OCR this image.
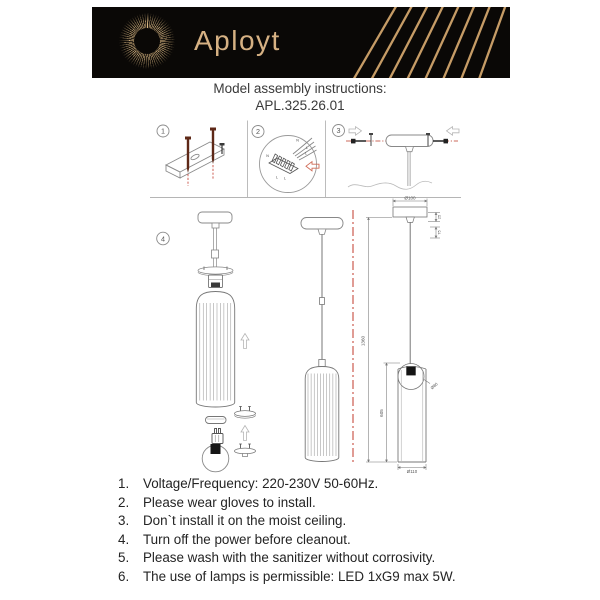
Aployt
Model assembly instructions:
APL.325.26.01
1	2	3
4
N
L
L
N
L L
Ø100
25
75
1360
605
Ø80
Ø110
1.	Voltage/Frequency: 220-230V 50-60Hz.
2.	Please wear gloves to install.
3.	Don`t install it on the moist ceiling.
4.	Turn off the power before cleanout.
5.	Please wash with the sanitizer without corrosivity.
6.	The use of lamps is permissible: LED 1xG9 max 5W.
